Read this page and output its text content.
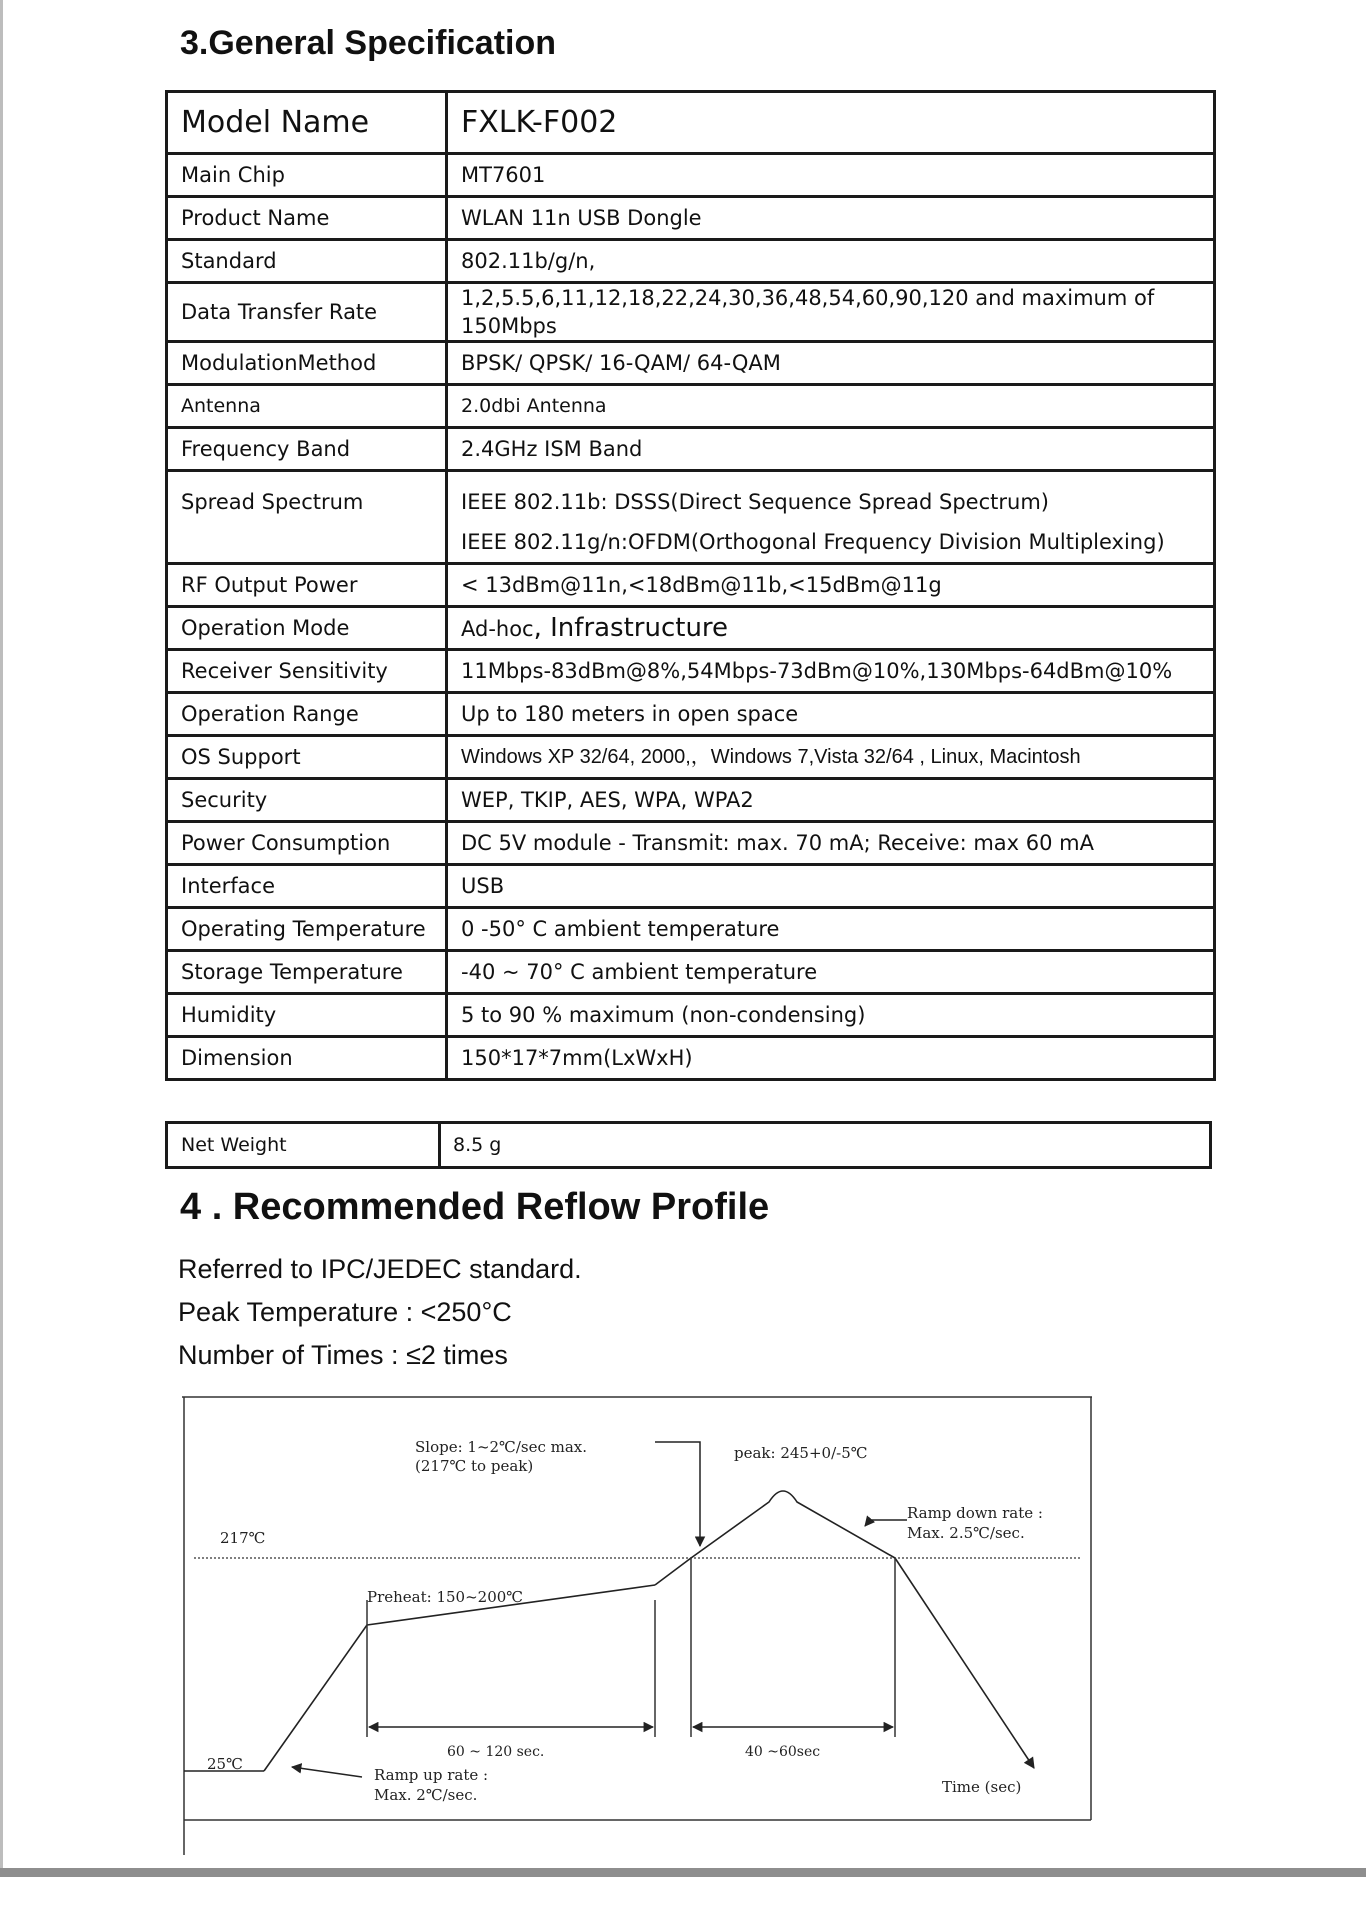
3.General Specification
Model Name	FXLK-F002
Main Chip	MT7601
Product Name	WLAN 11n USB Dongle
Standard	802.11b/g/n,
Data Transfer Rate	1,2,5.5,6,11,12,18,22,24,30,36,48,54,60,90,120 and maximum of 150Mbps
ModulationMethod	BPSK/ QPSK/ 16-QAM/ 64-QAM
Antenna	2.0dbi Antenna
Frequency Band	2.4GHz ISM Band
Spread Spectrum	IEEE 802.11b: DSSS(Direct Sequence Spread Spectrum)
IEEE 802.11g/n:OFDM(Orthogonal Frequency Division Multiplexing)

RF Output Power	< 13dBm@11n,<18dBm@11b,<15dBm@11g
Operation Mode	Ad-hoc, Infrastructure
Receiver Sensitivity	11Mbps-83dBm@8%,54Mbps-73dBm@10%,130Mbps-64dBm@10%
Operation Range	Up to 180 meters in open space
OS Support	Windows XP 32/64, 2000,，Windows 7,Vista 32/64 , Linux, Macintosh
Security	WEP, TKIP, AES, WPA, WPA2
Power Consumption	DC 5V module - Transmit: max. 70 mA; Receive: max 60 mA
Interface	USB
Operating Temperature	0 -50° C ambient temperature
Storage Temperature	-40 ~ 70° C ambient temperature
Humidity	5 to 90 % maximum (non-condensing)
Dimension	150*17*7mm(LxWxH)
Net Weight	8.5 g
4 . Recommended Reflow Profile

Referred to IPC/JEDEC standard.

Peak Temperature : <250°C

Number of Times : ≤2 times

217℃
25℃
Preheat: 150~200℃
Slope: 1~2℃/sec max.
(217℃ to peak)
peak: 245+0/-5℃
Ramp down rate :
Max. 2.5℃/sec.
Ramp up rate :
Max. 2℃/sec.
60 ~ 120 sec.	40 ~60sec
Time (sec)
